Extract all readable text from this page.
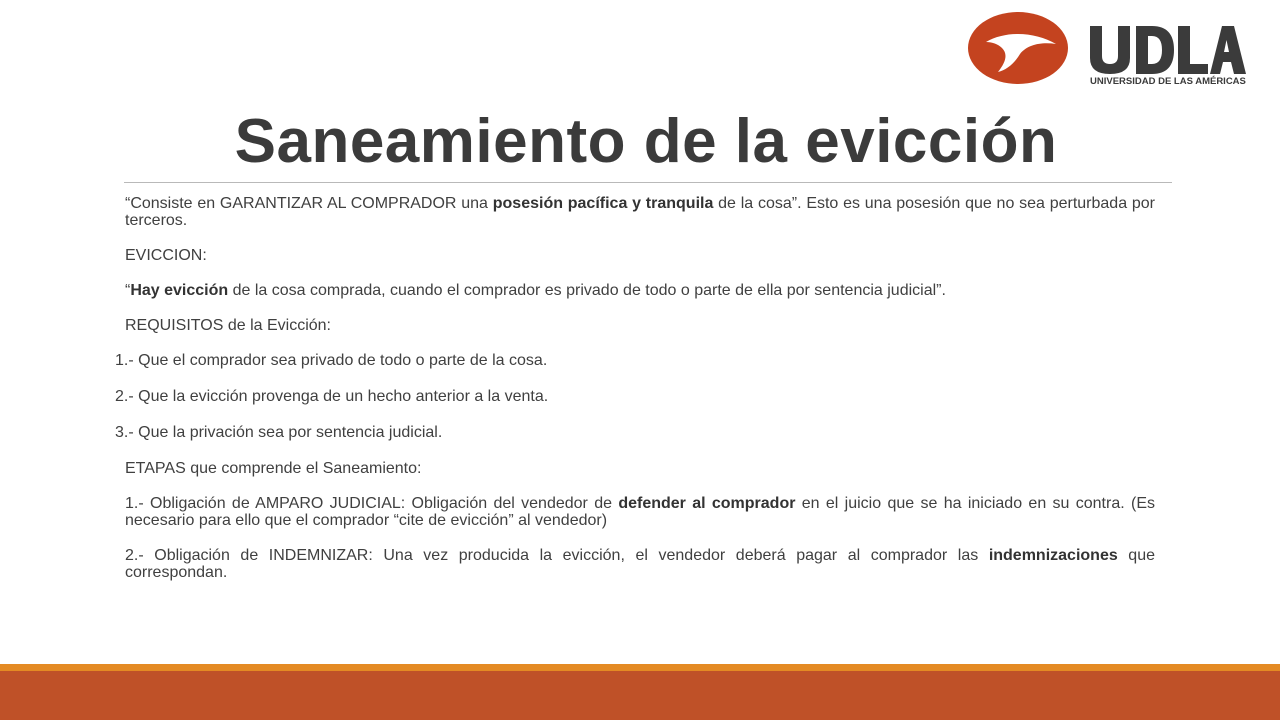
UNIVERSIDAD DE LAS AMÉRICAS
Saneamiento de la evicción

“Consiste en GARANTIZAR AL COMPRADOR una posesión pacífica y tranquila de la cosa”. Esto es una posesión que no sea perturbada por terceros.

EVICCION:

“Hay evicción de la cosa comprada, cuando el comprador es privado de todo o parte de ella por sentencia judicial”.

REQUISITOS de la Evicción:

1.- Que el comprador sea privado de todo o parte de la cosa.

2.- Que la evicción provenga de un hecho anterior a la venta.

3.- Que la privación sea por sentencia judicial.

ETAPAS que comprende el Saneamiento:

1.- Obligación de AMPARO JUDICIAL: Obligación del vendedor de defender al comprador en el juicio que se ha iniciado en su contra. (Es necesario para ello que el comprador “cite de evicción” al vendedor)

2.- Obligación de INDEMNIZAR: Una vez producida la evicción, el vendedor deberá pagar al comprador las indemnizaciones que correspondan.
